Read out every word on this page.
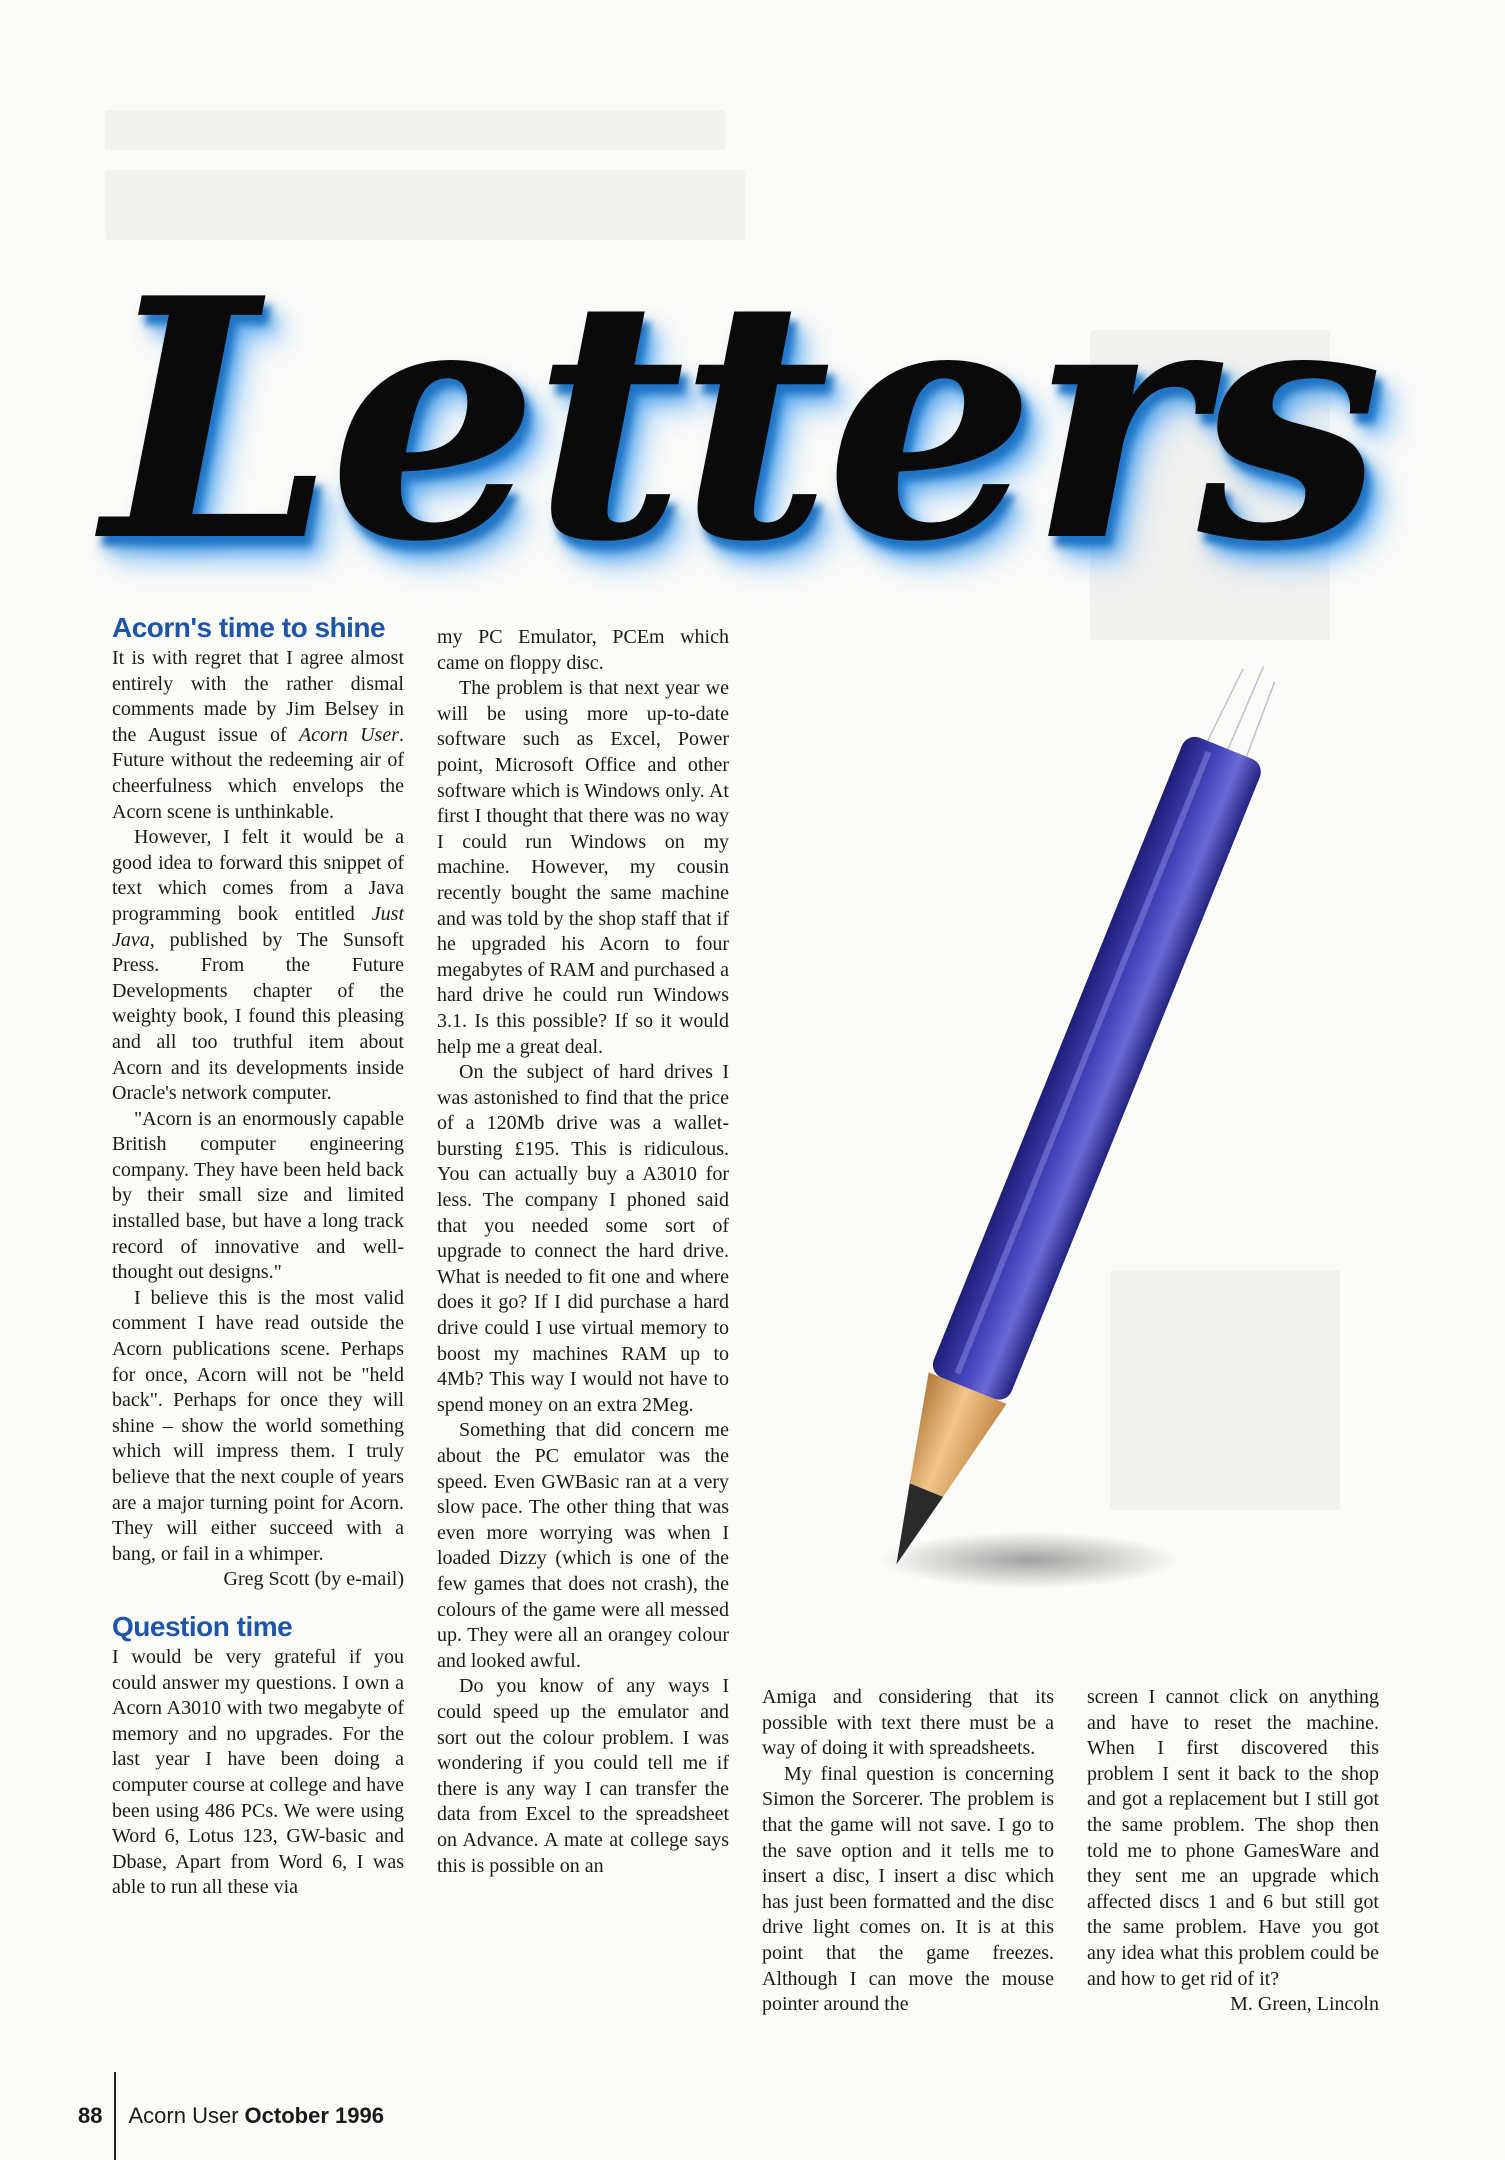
Letters
Acorn's time to shine

It is with regret that I agree almost entirely with the rather dismal comments made by Jim Belsey in the August issue of Acorn User. Future without the redeeming air of cheerfulness which envelops the Acorn scene is unthinkable.

However, I felt it would be a good idea to forward this snippet of text which comes from a Java programming book entitled Just Java, published by The Sunsoft Press. From the Future Developments chapter of the weighty book, I found this pleasing and all too truthful item about Acorn and its developments inside Oracle's network computer.

"Acorn is an enormously capable British computer engineering company. They have been held back by their small size and limited installed base, but have a long track record of innovative and well-thought out designs."

I believe this is the most valid comment I have read outside the Acorn publications scene. Perhaps for once, Acorn will not be "held back". Perhaps for once they will shine – show the world something which will impress them. I truly believe that the next couple of years are a major turning point for Acorn. They will either succeed with a bang, or fail in a whimper.

Greg Scott (by e-mail)

Question time

I would be very grateful if you could answer my questions. I own a Acorn A3010 with two megabyte of memory and no upgrades. For the last year I have been doing a computer course at college and have been using 486 PCs. We were using Word 6, Lotus 123, GW-basic and Dbase, Apart from Word 6, I was able to run all these via

my PC Emulator, PCEm which came on floppy disc.

The problem is that next year we will be using more up-to-date software such as Excel, Power point, Microsoft Office and other software which is Windows only. At first I thought that there was no way I could run Windows on my machine. However, my cousin recently bought the same machine and was told by the shop staff that if he upgraded his Acorn to four megabytes of RAM and purchased a hard drive he could run Windows 3.1. Is this possible? If so it would help me a great deal.

On the subject of hard drives I was astonished to find that the price of a 120Mb drive was a wallet-bursting £195. This is ridiculous. You can actually buy a A3010 for less. The company I phoned said that you needed some sort of upgrade to connect the hard drive. What is needed to fit one and where does it go? If I did purchase a hard drive could I use virtual memory to boost my machines RAM up to 4Mb? This way I would not have to spend money on an extra 2Meg.

Something that did concern me about the PC emulator was the speed. Even GWBasic ran at a very slow pace. The other thing that was even more worrying was when I loaded Dizzy (which is one of the few games that does not crash), the colours of the game were all messed up. They were all an orangey colour and looked awful.

Do you know of any ways I could speed up the emulator and sort out the colour problem. I was wondering if you could tell me if there is any way I can transfer the data from Excel to the spreadsheet on Advance. A mate at college says this is possible on an

Amiga and considering that its possible with text there must be a way of doing it with spreadsheets.

My final question is concerning Simon the Sorcerer. The problem is that the game will not save. I go to the save option and it tells me to insert a disc, I insert a disc which has just been formatted and the disc drive light comes on. It is at this point that the game freezes. Although I can move the mouse pointer around the

screen I cannot click on anything and have to reset the machine. When I first discovered this problem I sent it back to the shop and got a replacement but I still got the same problem. The shop then told me to phone GamesWare and they sent me an upgrade which affected discs 1 and 6 but still got the same problem. Have you got any idea what this problem could be and how to get rid of it?

M. Green, Lincoln

88 Acorn User October 1996
